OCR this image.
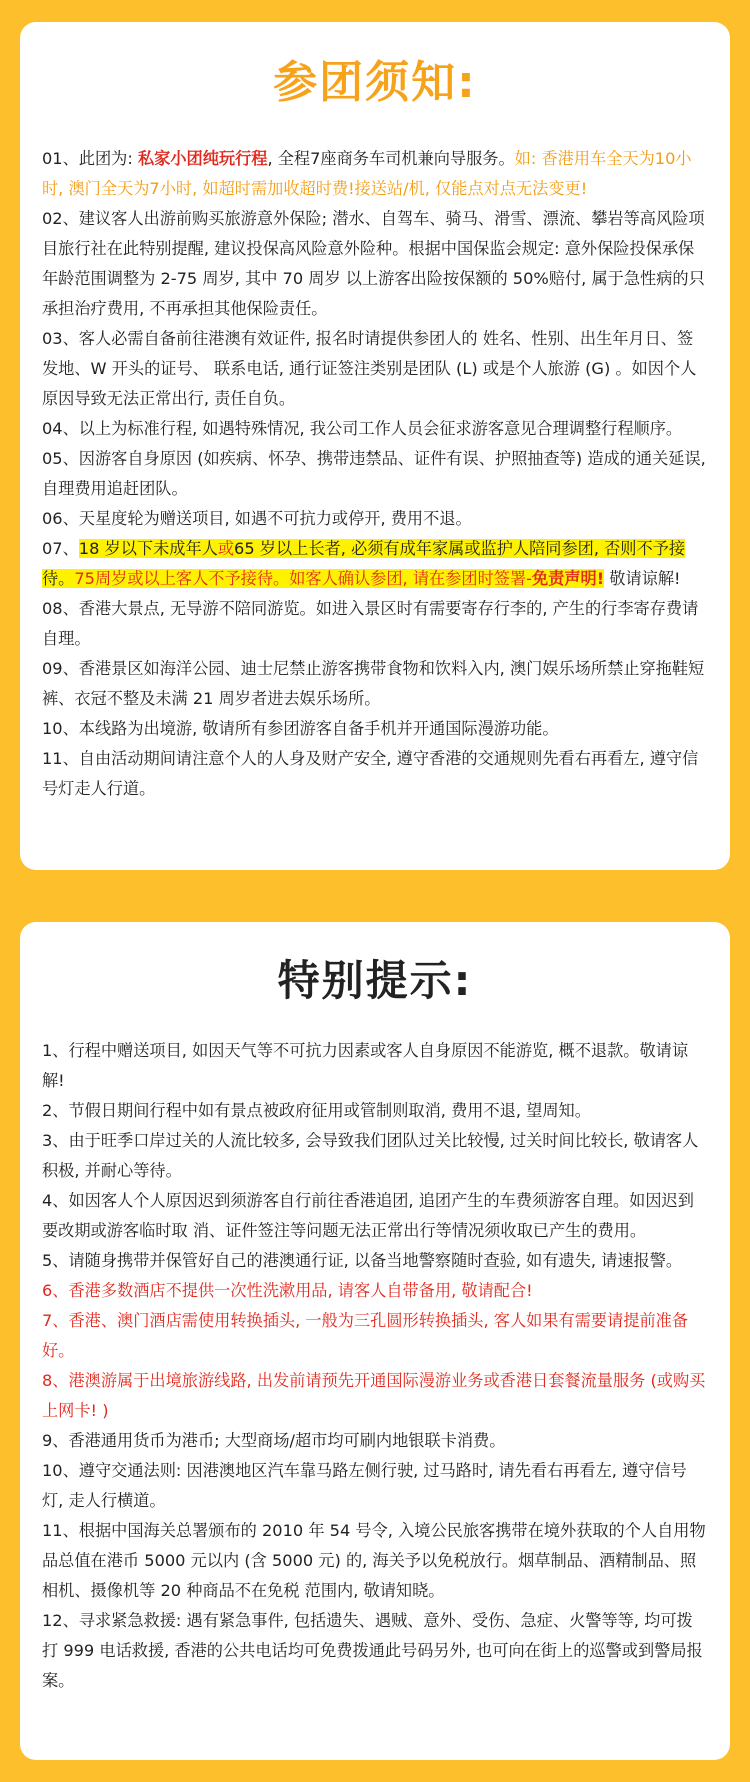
参团须知:

01、此团为: 私家小团纯玩行程, 全程7座商务车司机兼向导服务。如: 香港用车全天为10小时, 澳门全天为7小时, 如超时需加收超时费!接送站/机, 仅能点对点无法变更!

02、建议客人出游前购买旅游意外保险; 潜水、自驾车、骑马、滑雪、漂流、攀岩等高风险项目旅行社在此特别提醒, 建议投保高风险意外险种。根据中国保监会规定: 意外保险投保承保年龄范围调整为 2-75 周岁, 其中 70 周岁 以上游客出险按保额的 50%赔付, 属于急性病的只承担治疗费用, 不再承担其他保险责任。

03、客人必需自备前往港澳有效证件, 报名时请提供参团人的 姓名、性别、出生年月日、签发地、W 开头的证号、 联系电话, 通行证签注类别是团队 (L) 或是个人旅游 (G) 。如因个人原因导致无法正常出行, 责任自负。

04、以上为标准行程, 如遇特殊情况, 我公司工作人员会征求游客意见合理调整行程顺序。

05、因游客自身原因 (如疾病、怀孕、携带违禁品、证件有误、护照抽查等) 造成的通关延误, 自理费用追赶团队。

06、天星度轮为赠送项目, 如遇不可抗力或停开, 费用不退。

07、18 岁以下未成年人或65 岁以上长者, 必须有成年家属或监护人陪同参团, 否则不予接待。75周岁或以上客人不予接待。如客人确认参团, 请在参团时签署-免责声明! 敬请谅解!

08、香港大景点, 无导游不陪同游览。如进入景区时有需要寄存行李的, 产生的行李寄存费请自理。

09、香港景区如海洋公园、迪士尼禁止游客携带食物和饮料入内, 澳门娱乐场所禁止穿拖鞋短裤、衣冠不整及未满 21 周岁者进去娱乐场所。

10、本线路为出境游, 敬请所有参团游客自备手机并开通国际漫游功能。

11、自由活动期间请注意个人的人身及财产安全, 遵守香港的交通规则先看右再看左, 遵守信号灯走人行道。

特别提示:

1、行程中赠送项目, 如因天气等不可抗力因素或客人自身原因不能游览, 概不退款。敬请谅解!

2、节假日期间行程中如有景点被政府征用或管制则取消, 费用不退, 望周知。

3、由于旺季口岸过关的人流比较多, 会导致我们团队过关比较慢, 过关时间比较长, 敬请客人积极, 并耐心等待。

4、如因客人个人原因迟到须游客自行前往香港追团, 追团产生的车费须游客自理。如因迟到要改期或游客临时取 消、证件签注等问题无法正常出行等情况须收取已产生的费用。

5、请随身携带并保管好自己的港澳通行证, 以备当地警察随时查验, 如有遗失, 请速报警。

6、香港多数酒店不提供一次性洗漱用品, 请客人自带备用, 敬请配合!

7、香港、澳门酒店需使用转换插头, 一般为三孔圆形转换插头, 客人如果有需要请提前准备好。

8、港澳游属于出境旅游线路, 出发前请预先开通国际漫游业务或香港日套餐流量服务 (或购买上网卡! )

9、香港通用货币为港币; 大型商场/超市均可刷内地银联卡消费。

10、遵守交通法则: 因港澳地区汽车靠马路左侧行驶, 过马路时, 请先看右再看左, 遵守信号灯, 走人行横道。

11、根据中国海关总署颁布的 2010 年 54 号令, 入境公民旅客携带在境外获取的个人自用物品总值在港币 5000 元以内 (含 5000 元) 的, 海关予以免税放行。烟草制品、酒精制品、照相机、摄像机等 20 种商品不在免税 范围内, 敬请知晓。

12、寻求紧急救援: 遇有紧急事件, 包括遗失、遇贼、意外、受伤、急症、火警等等, 均可拨打 999 电话救援, 香港的公共电话均可免费拨通此号码另外, 也可向在街上的巡警或到警局报案。
